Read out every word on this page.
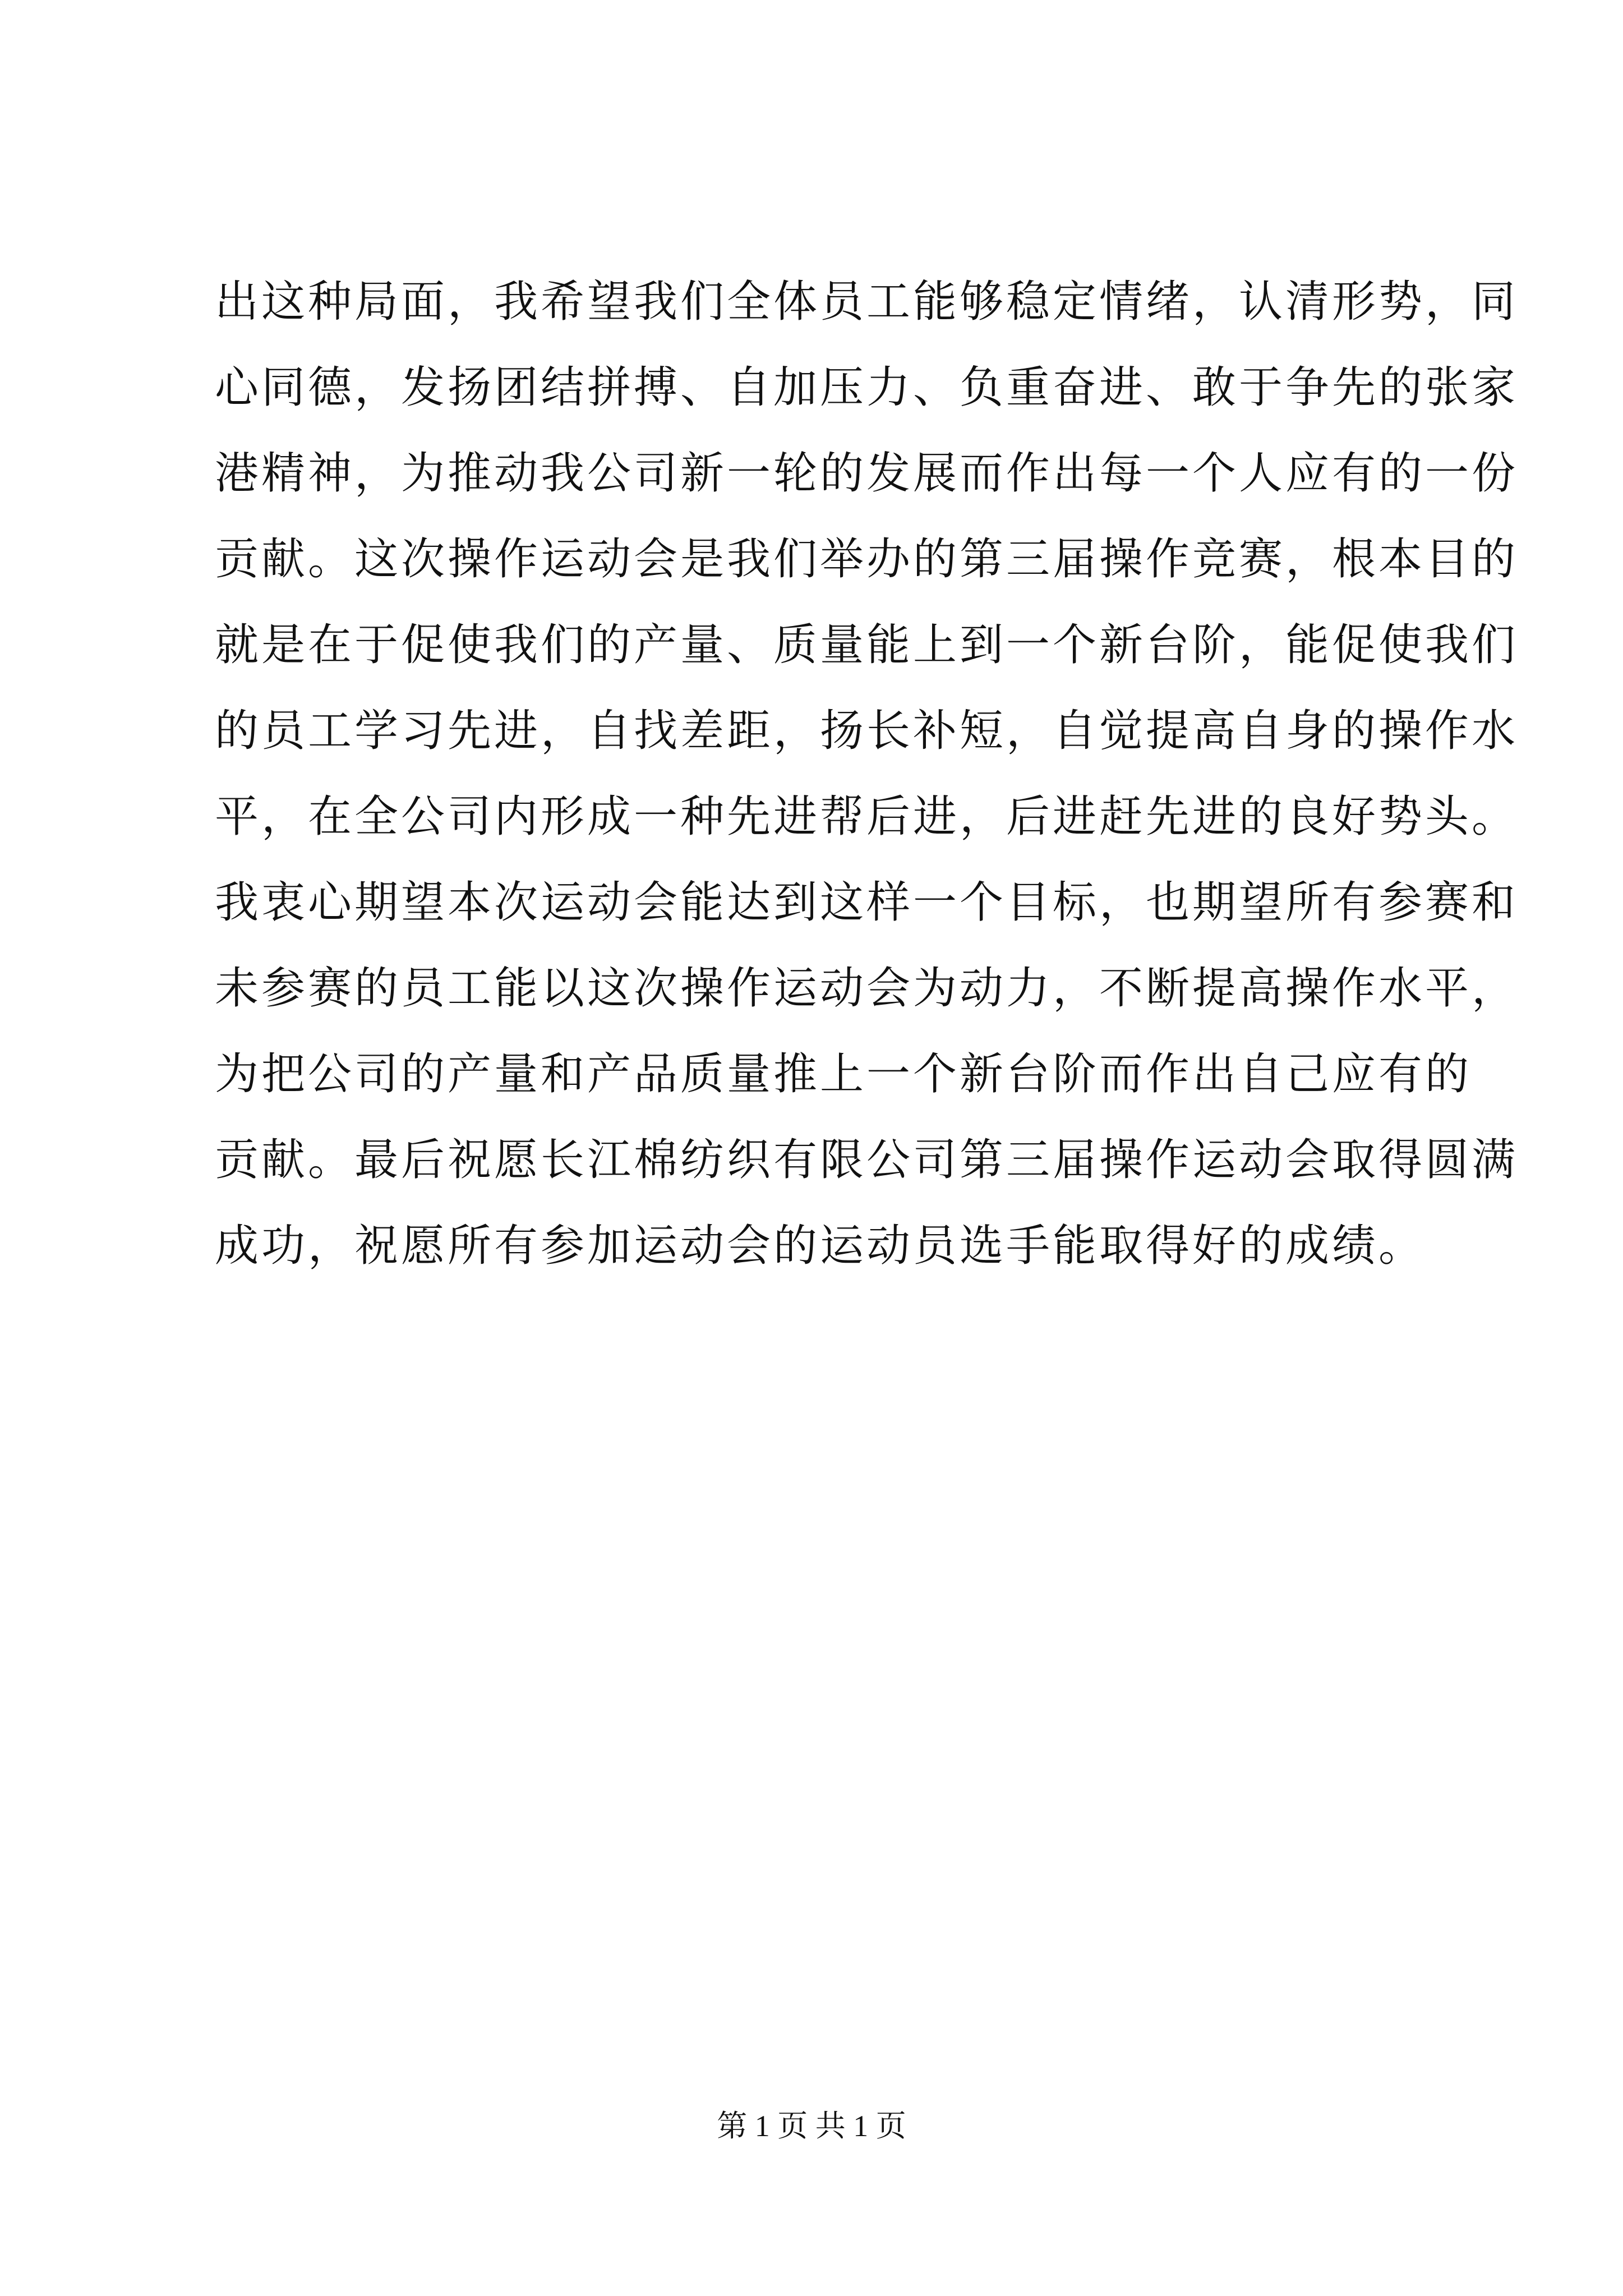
出这种局面，我希望我们全体员工能够稳定情绪，认清形势，同
心同德，发扬团结拼搏、自加压力、负重奋进、敢于争先的张家
港精神，为推动我公司新一轮的发展而作出每一个人应有的一份
贡献。这次操作运动会是我们举办的第三届操作竞赛，根本目的
就是在于促使我们的产量、质量能上到一个新台阶，能促使我们
的员工学习先进，自找差距，扬长补短，自觉提高自身的操作水
平，在全公司内形成一种先进帮后进，后进赶先进的良好势头。
我衷心期望本次运动会能达到这样一个目标，也期望所有参赛和
未参赛的员工能以这次操作运动会为动力，不断提高操作水平，
为把公司的产量和产品质量推上一个新台阶而作出自己应有的
贡献。最后祝愿长江棉纺织有限公司第三届操作运动会取得圆满
成功，祝愿所有参加运动会的运动员选手能取得好的成绩。
第 1 页 共 1 页
